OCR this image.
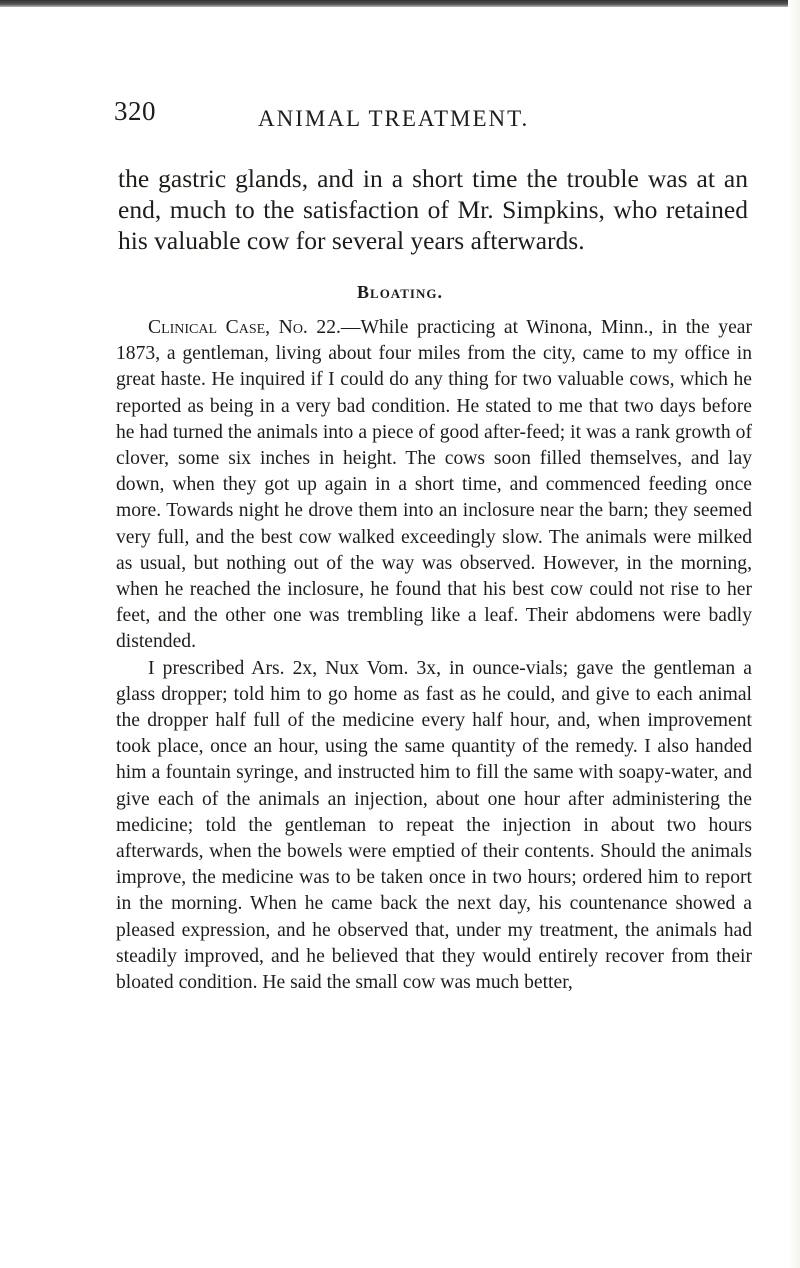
320	ANIMAL TREATMENT.

the gastric glands, and in a short time the trouble was at an end, much to the satisfaction of Mr. Simpkins, who retained his valuable cow for several years afterwards.

Bloating.

Clinical Case, No. 22.—While practicing at Winona, Minn., in the year 1873, a gentleman, living about four miles from the city, came to my office in great haste. He inquired if I could do any thing for two valuable cows, which he reported as being in a very bad condition. He stated to me that two days before he had turned the animals into a piece of good after-feed; it was a rank growth of clover, some six inches in height. The cows soon filled themselves, and lay down, when they got up again in a short time, and commenced feeding once more. Towards night he drove them into an inclosure near the barn; they seemed very full, and the best cow walked exceedingly slow. The animals were milked as usual, but nothing out of the way was observed. However, in the morning, when he reached the inclosure, he found that his best cow could not rise to her feet, and the other one was trembling like a leaf. Their abdomens were badly distended.

I prescribed Ars. 2x, Nux Vom. 3x, in ounce-vials; gave the gentleman a glass dropper; told him to go home as fast as he could, and give to each animal the dropper half full of the medicine every half hour, and, when improvement took place, once an hour, using the same quantity of the remedy. I also handed him a fountain syringe, and instructed him to fill the same with soapy-water, and give each of the animals an injection, about one hour after administering the medicine; told the gentleman to repeat the injection in about two hours afterwards, when the bowels were emptied of their contents. Should the animals improve, the medicine was to be taken once in two hours; ordered him to report in the morning. When he came back the next day, his countenance showed a pleased expression, and he observed that, under my treatment, the animals had steadily improved, and he believed that they would entirely recover from their bloated condition. He said the small cow was much better,
